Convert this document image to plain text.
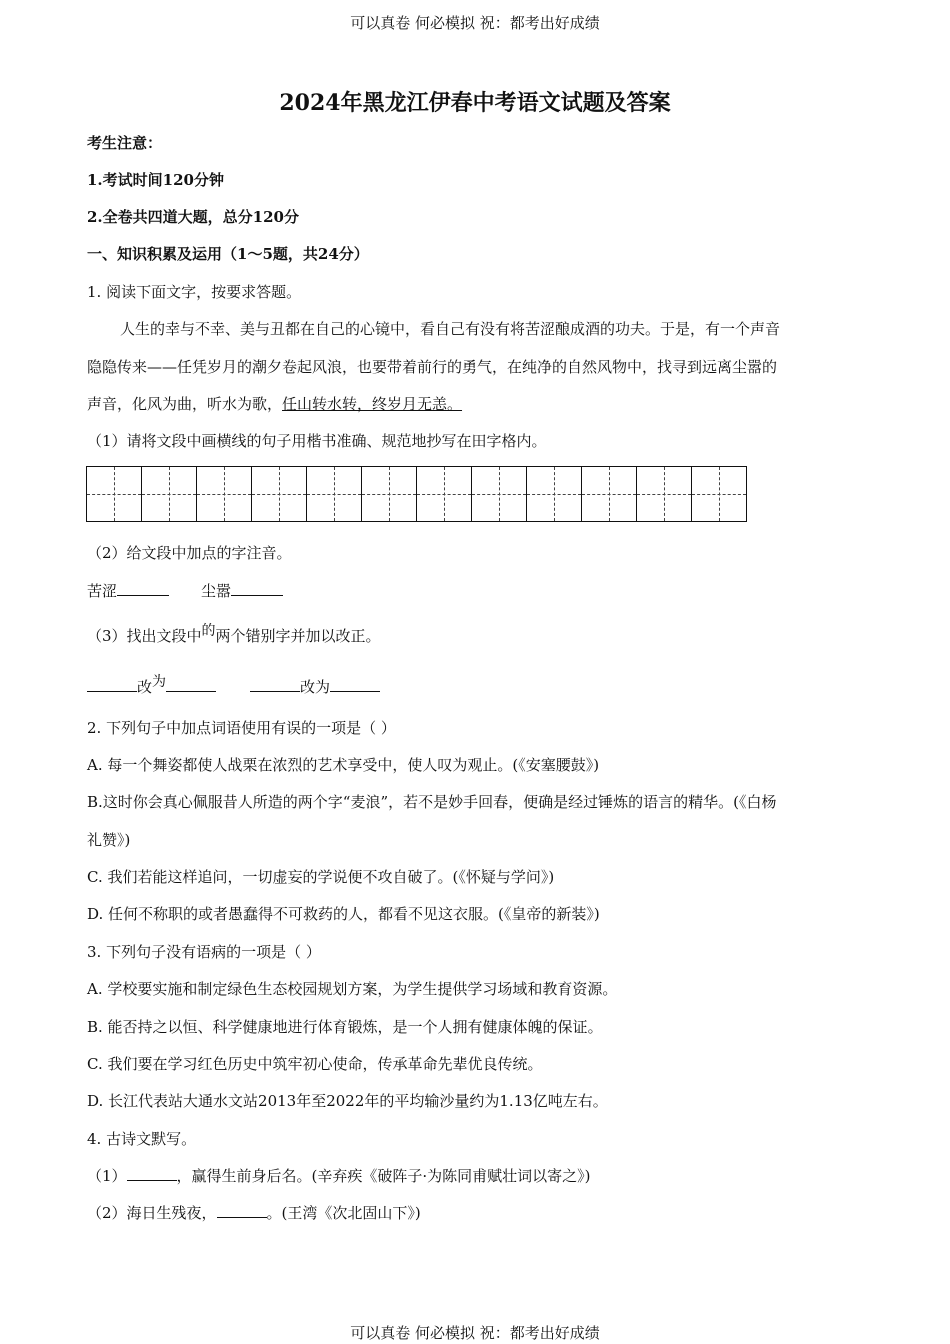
可以真卷 何必模拟 祝：都考出好成绩
2024年黑龙江伊春中考语文试题及答案
考生注意：
1.考试时间120分钟
2.全卷共四道大题，总分120分
一、知识积累及运用（1～5题，共24分）
1. 阅读下面文字，按要求答题。
人生的幸与不幸、美与丑都在自己的心镜中，看自己有没有将苦涩酿成酒的功夫。于是，有一个声音
隐隐传来——任凭岁月的潮夕卷起风浪，也要带着前行的勇气，在纯净的自然风物中，找寻到远离尘嚣的
声音，化风为曲，听水为歌，任山转水转，终岁月无恙。
（1）请将文段中画横线的句子用楷书准确、规范地抄写在田字格内。
（2）给文段中加点的字注音。
苦涩	尘嚣
（3）找出文段中的两个错别字并加以改正。
改为	改为
2. 下列句子中加点词语使用有误的一项是（ ）
A. 每一个舞姿都使人战栗在浓烈的艺术享受中，使人叹为观止。(《安塞腰鼓》)
B.这时你会真心佩服昔人所造的两个字“麦浪”，若不是妙手回春，便确是经过锤炼的语言的精华。(《白杨
礼赞》)
C. 我们若能这样追问，一切虚妄的学说便不攻自破了。(《怀疑与学问》)
D. 任何不称职的或者愚蠢得不可救药的人，都看不见这衣服。(《皇帝的新装》)
3. 下列句子没有语病的一项是（ ）
A. 学校要实施和制定绿色生态校园规划方案，为学生提供学习场域和教育资源。
B. 能否持之以恒、科学健康地进行体育锻炼，是一个人拥有健康体魄的保证。
C. 我们要在学习红色历史中筑牢初心使命，传承革命先辈优良传统。
D. 长江代表站大通水文站2013年至2022年的平均输沙量约为1.13亿吨左右。
4. 古诗文默写。
（1）	，赢得生前身后名。(辛弃疾《破阵子·为陈同甫赋壮词以寄之》)
（2）海日生残夜，	。(王湾《次北固山下》)
可以真卷 何必模拟 祝：都考出好成绩
